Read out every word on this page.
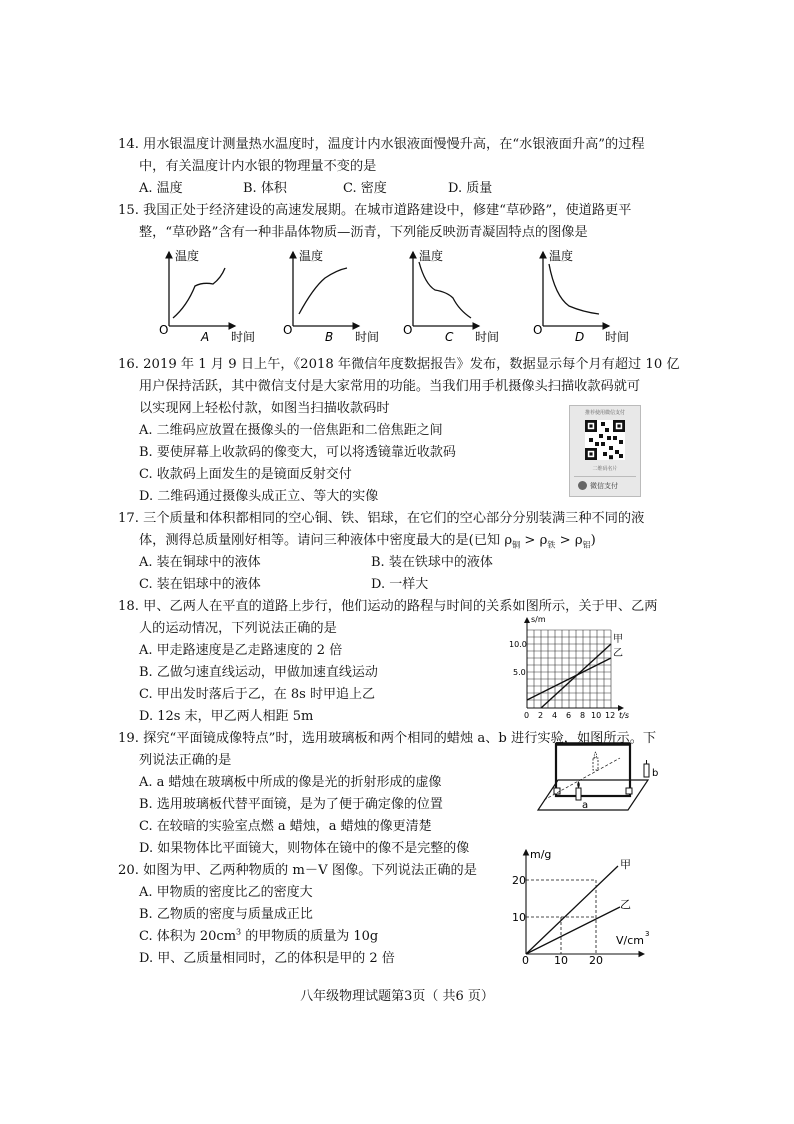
14. 用水银温度计测量热水温度时，温度计内水银液面慢慢升高，在“水银液面升高”的过程
中，有关温度计内水银的物理量不变的是
A. 温度	B. 体积	C. 密度	D. 质量
15. 我国正处于经济建设的高速发展期。在城市道路建设中，修建“草砂路”，使道路更平
整，“草砂路”含有一种非晶体物质—沥青，下列能反映沥青凝固特点的图像是
温度
O	A 时间
温度
O	B 时间
温度
O	C 时间
温度
O	D 时间
16. 2019 年 1 月 9 日上午，《2018 年微信年度数据报告》发布，数据显示每个月有超过 10 亿
用户保持活跃，其中微信支付是大家常用的功能。当我们用手机摄像头扫描收款码就可
以实现网上轻松付款，如图当扫描收款码时
A. 二维码应放置在摄像头的一倍焦距和二倍焦距之间
B. 要使屏幕上收款码的像变大，可以将透镜靠近收款码
C. 收款码上面发生的是镜面反射交付
D. 二维码通过摄像头成正立、等大的实像
推荐使用微信支付
二维码名片
微信支付
17. 三个质量和体积都相同的空心铜、铁、铝球，在它们的空心部分分别装满三种不同的液
体，测得总质量刚好相等。请问三种液体中密度最大的是(已知 $\rho_铜 > \rho_铁 > \rho_铝$)
A. 装在铜球中的液体	B. 装在铁球中的液体
C. 装在铝球中的液体	D. 一样大
18. 甲、乙两人在平直的道路上步行，他们运动的路程与时间的关系如图所示，关于甲、乙两
人的运动情况，下列说法正确的是
A. 甲走路速度是乙走路速度的 2 倍
B. 乙做匀速直线运动，甲做加速直线运动
C. 甲出发时落后于乙，在 8s 时甲追上乙
D. 12s 末，甲乙两人相距 5m
s/m
10.0
5.0
0 2 4 6 8 10 12 t/s
甲
乙
19. 探究“平面镜成像特点”时，选用玻璃板和两个相同的蜡烛 a、b 进行实验，如图所示。下
列说法正确的是
A. a 蜡烛在玻璃板中所成的像是光的折射形成的虚像
B. 选用玻璃板代替平面镜，是为了便于确定像的位置
C. 在较暗的实验室点燃 a 蜡烛，a 蜡烛的像更清楚
D. 如果物体比平面镜大，则物体在镜中的像不是完整的像
a
b
20. 如图为甲、乙两种物质的 m－V 图像。下列说法正确的是
A. 甲物质的密度比乙的密度大
B. 乙物质的密度与质量成正比
C. 体积为 $20cm^3$ 的甲物质的质量为 10g
D. 甲、乙质量相同时，乙的体积是甲的 2 倍
m/g
20
10
0 10 20
V/cm 3
甲
乙
八年级物理试题第3页（ 共6 页）
